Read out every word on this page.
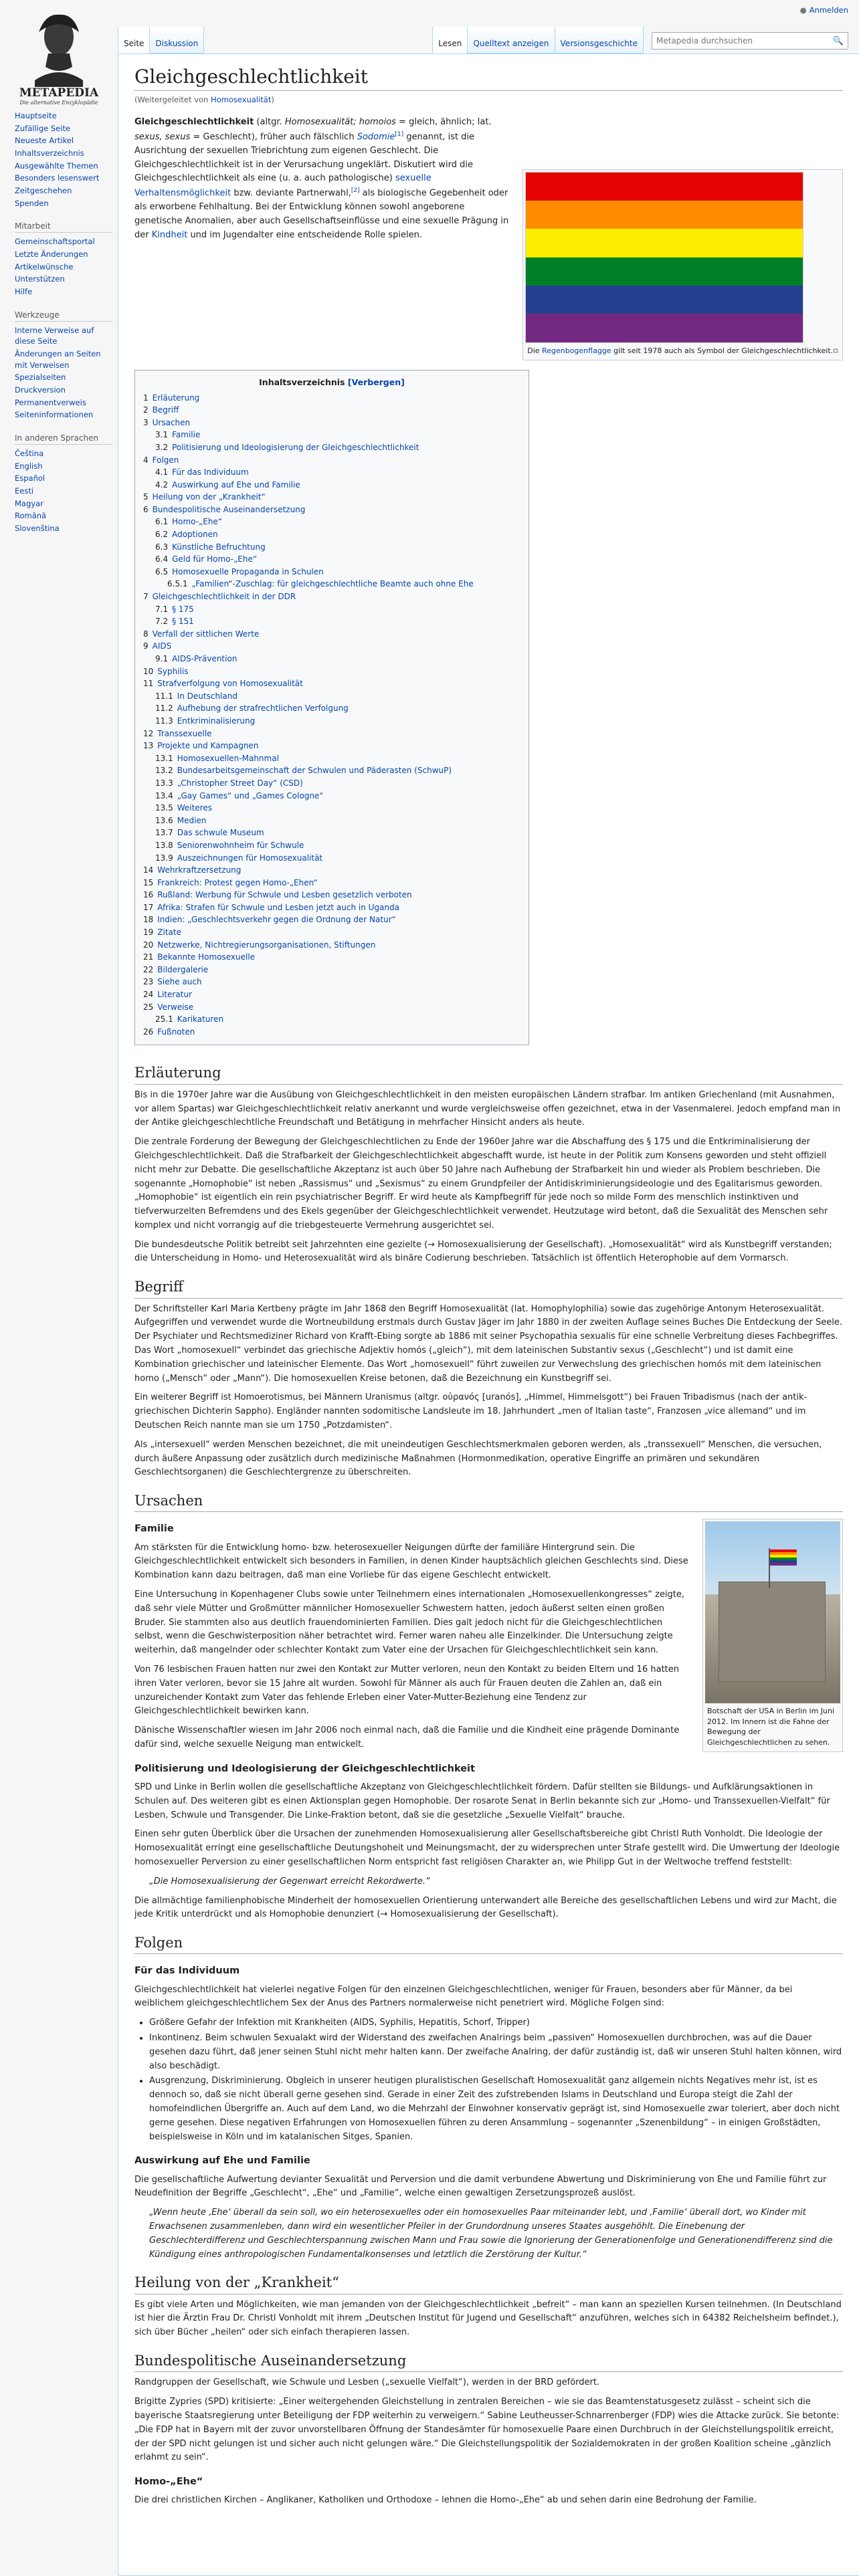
METAPEDIA
Die alternative Enzyklopädie
Hauptseite
Zufällige Seite
Neueste Artikel
Inhaltsverzeichnis
Ausgewählte Themen
Besonders lesenswert
Zeitgeschehen
Spenden
Mitarbeit
Gemeinschaftsportal
Letzte Änderungen
Artikelwünsche
Unterstützen
Hilfe
Werkzeuge
Interne Verweise auf diese Seite
Änderungen an Seiten mit Verweisen
Spezialseiten
Druckversion
Permanentverweis
Seiteninformationen
In anderen Sprachen
Čeština
English
Español
Eesti
Magyar
Română
Slovenština
● Anmelden
Seite	Diskussion	Lesen	Quelltext anzeigen	Versionsgeschichte	Metapedia durchsuchen	🔍
Gleichgeschlechtlichkeit
(Weitergeleitet von Homosexualität)
Die Regenbogenflagge gilt seit 1978 auch als Symbol der Gleichgeschlechtlichkeit. ⧉

Gleichgeschlechtlichkeit (altgr. Homosexualität; homoios = gleich, ähnlich; lat. sexus, sexus = Geschlecht), früher auch fälschlich Sodomie[1] genannt, ist die Ausrichtung der sexuellen Triebrichtung zum eigenen Geschlecht. Die Gleichgeschlechtlichkeit ist in der Verursachung ungeklärt. Diskutiert wird die Gleichgeschlechtlichkeit als eine (u. a. auch pathologische) sexuelle Verhaltensmöglichkeit bzw. deviante Partnerwahl,[2] als biologische Gegebenheit oder als erworbene Fehlhaltung. Bei der Entwicklung können sowohl angeborene genetische Anomalien, aber auch Gesellschaftseinflüsse und eine sexuelle Prägung in der Kindheit und im Jugendalter eine entscheidende Rolle spielen.

Inhaltsverzeichnis [Verbergen]
1 Erläuterung
2 Begriff
3 Ursachen
3.1 Familie
3.2 Politisierung und Ideologisierung der Gleichgeschlechtlichkeit
4 Folgen
4.1 Für das Individuum
4.2 Auswirkung auf Ehe und Familie
5 Heilung von der „Krankheit“
6 Bundespolitische Auseinandersetzung
6.1 Homo-„Ehe“
6.2 Adoptionen
6.3 Künstliche Befruchtung
6.4 Geld für Homo-„Ehe“
6.5 Homosexuelle Propaganda in Schulen
6.5.1 „Familien“-Zuschlag: für gleichgeschlechtliche Beamte auch ohne Ehe
7 Gleichgeschlechtlichkeit in der DDR
7.1 § 175
7.2 § 151
8 Verfall der sittlichen Werte
9 AIDS
9.1 AIDS-Prävention
10 Syphilis
11 Strafverfolgung von Homosexualität
11.1 In Deutschland
11.2 Aufhebung der strafrechtlichen Verfolgung
11.3 Entkriminalisierung
12 Transsexuelle
13 Projekte und Kampagnen
13.1 Homosexuellen-Mahnmal
13.2 Bundesarbeitsgemeinschaft der Schwulen und Päderasten (SchwuP)
13.3 „Christopher Street Day“ (CSD)
13.4 „Gay Games“ und „Games Cologne“
13.5 Weiteres
13.6 Medien
13.7 Das schwule Museum
13.8 Seniorenwohnheim für Schwule
13.9 Auszeichnungen für Homosexualität
14 Wehrkraftzersetzung
15 Frankreich: Protest gegen Homo-„Ehen“
16 Rußland: Werbung für Schwule und Lesben gesetzlich verboten
17 Afrika: Strafen für Schwule und Lesben jetzt auch in Uganda
18 Indien: „Geschlechtsverkehr gegen die Ordnung der Natur“
19 Zitate
20 Netzwerke, Nichtregierungsorganisationen, Stiftungen
21 Bekannte Homosexuelle
22 Bildergalerie
23 Siehe auch
24 Literatur
25 Verweise
25.1 Karikaturen
26 Fußnoten
Erläuterung

Bis in die 1970er Jahre war die Ausübung von Gleichgeschlechtlichkeit in den meisten europäischen Ländern strafbar. Im antiken Griechenland (mit Ausnahmen, vor allem Spartas) war Gleichgeschlechtlichkeit relativ anerkannt und wurde vergleichsweise offen gezeichnet, etwa in der Vasenmalerei. Jedoch empfand man in der Antike gleichgeschlechtliche Freundschaft und Betätigung in mehrfacher Hinsicht anders als heute.

Die zentrale Forderung der Bewegung der Gleichgeschlechtlichen zu Ende der 1960er Jahre war die Abschaffung des § 175 und die Entkriminalisierung der Gleichgeschlechtlichkeit. Daß die Strafbarkeit der Gleichgeschlechtlichkeit abgeschafft wurde, ist heute in der Politik zum Konsens geworden und steht offiziell nicht mehr zur Debatte. Die gesellschaftliche Akzeptanz ist auch über 50 Jahre nach Aufhebung der Strafbarkeit hin und wieder als Problem beschrieben. Die sogenannte „Homophobie“ ist neben „Rassismus“ und „Sexismus“ zu einem Grundpfeiler der Antidiskriminierungsideologie und des Egalitarismus geworden. „Homophobie“ ist eigentlich ein rein psychiatrischer Begriff. Er wird heute als Kampfbegriff für jede noch so milde Form des menschlich instinktiven und tiefverwurzelten Befremdens und des Ekels gegenüber der Gleichgeschlechtlichkeit verwendet. Heutzutage wird betont, daß die Sexualität des Menschen sehr komplex und nicht vorrangig auf die triebgesteuerte Vermehrung ausgerichtet sei.

Die bundesdeutsche Politik betreibt seit Jahrzehnten eine gezielte (→ Homosexualisierung der Gesellschaft). „Homosexualität“ wird als Kunstbegriff verstanden; die Unterscheidung in Homo- und Heterosexualität wird als binäre Codierung beschrieben. Tatsächlich ist öffentlich Heterophobie auf dem Vormarsch.

Begriff

Der Schriftsteller Karl Maria Kertbeny prägte im Jahr 1868 den Begriff Homosexualität (lat. Homophylophilia) sowie das zugehörige Antonym Heterosexualität. Aufgegriffen und verwendet wurde die Wortneubildung erstmals durch Gustav Jäger im Jahr 1880 in der zweiten Auflage seines Buches Die Entdeckung der Seele. Der Psychiater und Rechtsmediziner Richard von Krafft-Ebing sorgte ab 1886 mit seiner Psychopathia sexualis für eine schnelle Verbreitung dieses Fachbegriffes. Das Wort „homosexuell“ verbindet das griechische Adjektiv homós („gleich“), mit dem lateinischen Substantiv sexus („Geschlecht“) und ist damit eine Kombination griechischer und lateinischer Elemente. Das Wort „homosexuell“ führt zuweilen zur Verwechslung des griechischen homós mit dem lateinischen homo („Mensch“ oder „Mann“). Die homosexuellen Kreise betonen, daß die Bezeichnung ein Kunstbegriff sei.

Ein weiterer Begriff ist Homoerotismus, bei Männern Uranismus (altgr. οὐρανός [uranós], „Himmel, Himmelsgott“) bei Frauen Tribadismus (nach der antik-griechischen Dichterin Sappho). Engländer nannten sodomitische Landsleute im 18. Jahrhundert „men of Italian taste“, Franzosen „vice allemand“ und im Deutschen Reich nannte man sie um 1750 „Potzdamisten“.

Als „intersexuell“ werden Menschen bezeichnet, die mit uneindeutigen Geschlechtsmerkmalen geboren werden, als „transsexuell“ Menschen, die versuchen, durch äußere Anpassung oder zusätzlich durch medizinische Maßnahmen (Hormonmedikation, operative Eingriffe an primären und sekundären Geschlechtsorganen) die Geschlechtergrenze zu überschreiten.

Ursachen
Botschaft der USA in Berlin im Juni 2012. Im Innern ist die Fahne der Bewegung der Gleichgeschlechtlichen zu sehen.
Familie

Am stärksten für die Entwicklung homo- bzw. heterosexueller Neigungen dürfte der familiäre Hintergrund sein. Die Gleichgeschlechtlichkeit entwickelt sich besonders in Familien, in denen Kinder hauptsächlich gleichen Geschlechts sind. Diese Kombination kann dazu beitragen, daß man eine Vorliebe für das eigene Geschlecht entwickelt.

Eine Untersuchung in Kopenhagener Clubs sowie unter Teilnehmern eines internationalen „Homosexuellenkongresses“ zeigte, daß sehr viele Mütter und Großmütter männlicher Homosexueller Schwestern hatten, jedoch äußerst selten einen großen Bruder. Sie stammten also aus deutlich frauendominierten Familien. Dies galt jedoch nicht für die Gleichgeschlechtlichen selbst, wenn die Geschwisterposition näher betrachtet wird. Ferner waren naheu alle Einzelkinder. Die Untersuchung zeigte weiterhin, daß mangelnder oder schlechter Kontakt zum Vater eine der Ursachen für Gleichgeschlechtlichkeit sein kann.

Von 76 lesbischen Frauen hatten nur zwei den Kontakt zur Mutter verloren, neun den Kontakt zu beiden Eltern und 16 hatten ihren Vater verloren, bevor sie 15 Jahre alt wurden. Sowohl für Männer als auch für Frauen deuten die Zahlen an, daß ein unzureichender Kontakt zum Vater das fehlende Erleben einer Vater-Mutter-Beziehung eine Tendenz zur Gleichgeschlechtlichkeit bewirken kann.

Dänische Wissenschaftler wiesen im Jahr 2006 noch einmal nach, daß die Familie und die Kindheit eine prägende Dominante dafür sind, welche sexuelle Neigung man entwickelt.

Politisierung und Ideologisierung der Gleichgeschlechtlichkeit

SPD und Linke in Berlin wollen die gesellschaftliche Akzeptanz von Gleichgeschlechtlichkeit fördern. Dafür stellten sie Bildungs- und Aufklärungsaktionen in Schulen auf. Des weiteren gibt es einen Aktionsplan gegen Homophobie. Der rosarote Senat in Berlin bekannte sich zur „Homo- und Transsexuellen-Vielfalt“ für Lesben, Schwule und Transgender. Die Linke-Fraktion betont, daß sie die gesetzliche „Sexuelle Vielfalt“ brauche.

Einen sehr guten Überblick über die Ursachen der zunehmenden Homosexualisierung aller Gesellschaftsbereiche gibt Christl Ruth Vonholdt. Die Ideologie der Homosexualität erringt eine gesellschaftliche Deutungshoheit und Meinungsmacht, der zu widersprechen unter Strafe gestellt wird. Die Umwertung der Ideologie homosexueller Perversion zu einer gesellschaftlichen Norm entspricht fast religiösen Charakter an, wie Philipp Gut in der Weltwoche treffend feststellt:

„Die Homosexualisierung der Gegenwart erreicht Rekordwerte.“

Die allmächtige familienphobische Minderheit der homosexuellen Orientierung unterwandert alle Bereiche des gesellschaftlichen Lebens und wird zur Macht, die jede Kritik unterdrückt und als Homophobie denunziert (→ Homosexualisierung der Gesellschaft).

Folgen
Für das Individuum

Gleichgeschlechtlichkeit hat vielerlei negative Folgen für den einzelnen Gleichgeschlechtlichen, weniger für Frauen, besonders aber für Männer, da bei weiblichem gleichgeschlechtlichem Sex der Anus des Partners normalerweise nicht penetriert wird. Mögliche Folgen sind:

• Größere Gefahr der Infektion mit Krankheiten (AIDS, Syphilis, Hepatitis, Schorf, Tripper)
• Inkontinenz. Beim schwulen Sexualakt wird der Widerstand des zweifachen Analrings beim „passiven“ Homosexuellen durchbrochen, was auf die Dauer gesehen dazu führt, daß jener seinen Stuhl nicht mehr halten kann. Der zweifache Analring, der dafür zuständig ist, daß wir unseren Stuhl halten können, wird also beschädigt.
• Ausgrenzung, Diskriminierung. Obgleich in unserer heutigen pluralistischen Gesellschaft Homosexualität ganz allgemein nichts Negatives mehr ist, ist es dennoch so, daß sie nicht überall gerne gesehen sind. Gerade in einer Zeit des zufstrebenden Islams in Deutschland und Europa steigt die Zahl der homofeindlichen Übergriffe an. Auch auf dem Land, wo die Mehrzahl der Einwohner konservativ geprägt ist, sind Homosexuelle zwar toleriert, aber doch nicht gerne gesehen. Diese negativen Erfahrungen von Homosexuellen führen zu deren Ansammlung – sogenannter „Szenenbildung“ – in einigen Großstädten, beispielsweise in Köln und im katalanischen Sitges, Spanien.
Auswirkung auf Ehe und Familie

Die gesellschaftliche Aufwertung devianter Sexualität und Perversion und die damit verbundene Abwertung und Diskriminierung von Ehe und Familie führt zur Neudefinition der Begriffe „Geschlecht“, „Ehe“ und „Familie“, welche einen gewaltigen Zersetzungsprozeß auslöst.

„Wenn heute ‚Ehe‘ überall da sein soll, wo ein heterosexuelles oder ein homosexuelles Paar miteinander lebt, und ‚Familie‘ überall dort, wo Kinder mit Erwachsenen zusammenleben, dann wird ein wesentlicher Pfeiler in der Grundordnung unseres Staates ausgehöhlt. Die Einebenung der Geschlechterdifferenz und Geschlechterspannung zwischen Mann und Frau sowie die Ignorierung der Generationenfolge und Generationendifferenz sind die Kündigung eines anthropologischen Fundamentalkonsenses und letztlich die Zerstörung der Kultur.“
Heilung von der „Krankheit“

Es gibt viele Arten und Möglichkeiten, wie man jemanden von der Gleichgeschlechtlichkeit „befreit“ – man kann an speziellen Kursen teilnehmen. (In Deutschland ist hier die Ärztin Frau Dr. Christl Vonholdt mit ihrem „Deutschen Institut für Jugend und Gesellschaft“ anzuführen, welches sich in 64382 Reichelsheim befindet.), sich über Bücher „heilen“ oder sich einfach therapieren lassen.

Bundespolitische Auseinandersetzung

Randgruppen der Gesellschaft, wie Schwule und Lesben („sexuelle Vielfalt“), werden in der BRD gefördert.

Brigitte Zypries (SPD) kritisierte: „Einer weitergehenden Gleichstellung in zentralen Bereichen – wie sie das Beamtenstatusgesetz zulässt – scheint sich die bayerische Staatsregierung unter Beteiligung der FDP weiterhin zu verweigern.“ Sabine Leutheusser-Schnarrenberger (FDP) wies die Attacke zurück. Sie betonte: „Die FDP hat in Bayern mit der zuvor unvorstellbaren Öffnung der Standesämter für homosexuelle Paare einen Durchbruch in der Gleichstellungspolitik erreicht, der der SPD nicht gelungen ist und sicher auch nicht gelungen wäre.“ Die Gleichstellungspolitik der Sozialdemokraten in der großen Koalition scheine „gänzlich erlahmt zu sein“.

Homo-„Ehe“

Die drei christlichen Kirchen – Anglikaner, Katholiken und Orthodoxe – lehnen die Homo-„Ehe“ ab und sehen darin eine Bedrohung der Familie.
